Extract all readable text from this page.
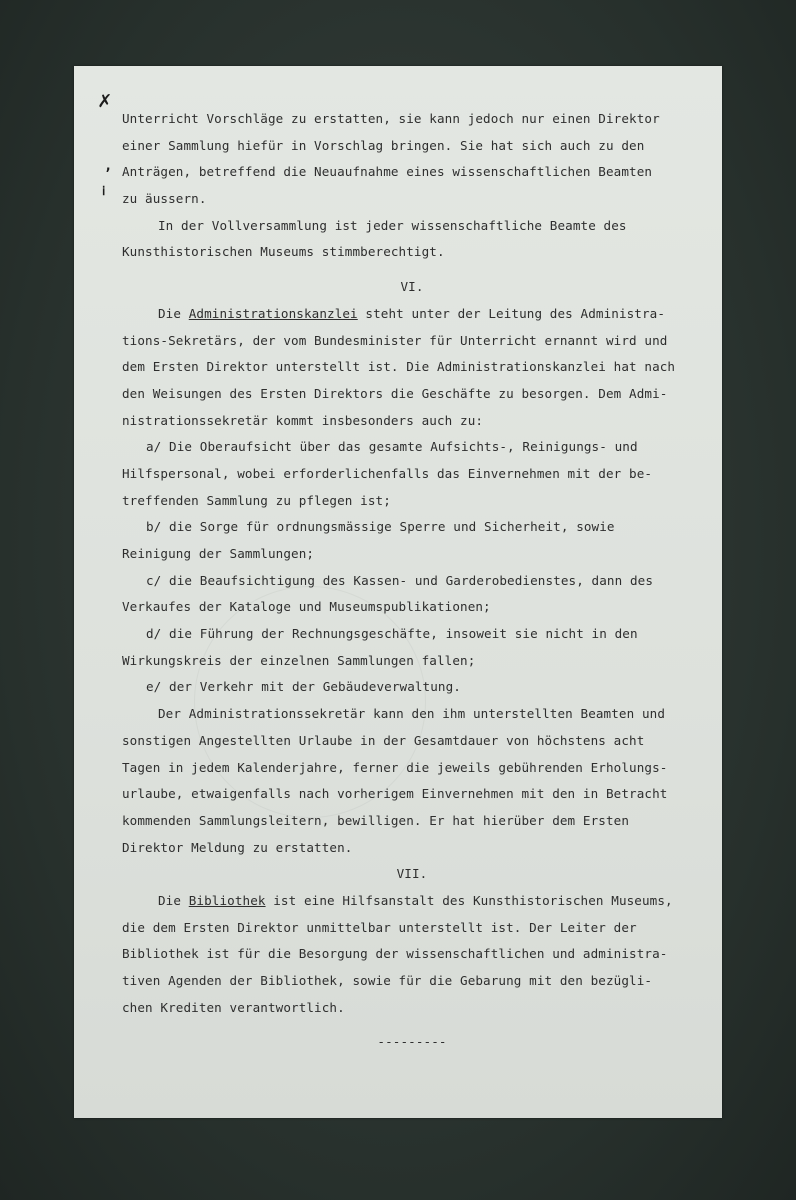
✗
,
ⅰ
Unterricht Vorschläge zu erstatten, sie kann jedoch nur einen Direktor
einer Sammlung hiefür in Vorschlag bringen. Sie hat sich auch zu den
Anträgen, betreffend die Neuaufnahme eines wissenschaftlichen Beamten
zu äussern.
In der Vollversammlung ist jeder wissenschaftliche Beamte des
Kunsthistorischen Museums stimmberechtigt.
VI.
Die Administrationskanzlei steht unter der Leitung des Administra-
tions-Sekretärs, der vom Bundesminister für Unterricht ernannt wird und
dem Ersten Direktor unterstellt ist. Die Administrationskanzlei hat nach
den Weisungen des Ersten Direktors die Geschäfte zu besorgen. Dem Admi-
nistrationssekretär kommt insbesonders auch zu:
a/ Die Oberaufsicht über das gesamte Aufsichts-, Reinigungs- und
Hilfspersonal, wobei erforderlichenfalls das Einvernehmen mit der be-
treffenden Sammlung zu pflegen ist;
b/ die Sorge für ordnungsmässige Sperre und Sicherheit, sowie
Reinigung der Sammlungen;
c/ die Beaufsichtigung des Kassen- und Garderobedienstes, dann des
Verkaufes der Kataloge und Museumspublikationen;
d/ die Führung der Rechnungsgeschäfte, insoweit sie nicht in den
Wirkungskreis der einzelnen Sammlungen fallen;
e/ der Verkehr mit der Gebäudeverwaltung.
Der Administrationssekretär kann den ihm unterstellten Beamten und
sonstigen Angestellten Urlaube in der Gesamtdauer von höchstens acht
Tagen in jedem Kalenderjahre, ferner die jeweils gebührenden Erholungs-
urlaube, etwaigenfalls nach vorherigem Einvernehmen mit den in Betracht
kommenden Sammlungsleitern, bewilligen. Er hat hierüber dem Ersten
Direktor Meldung zu erstatten.
VII.
Die Bibliothek ist eine Hilfsanstalt des Kunsthistorischen Museums,
die dem Ersten Direktor unmittelbar unterstellt ist. Der Leiter der
Bibliothek ist für die Besorgung der wissenschaftlichen und administra-
tiven Agenden der Bibliothek, sowie für die Gebarung mit den bezügli-
chen Krediten verantwortlich.
---------
